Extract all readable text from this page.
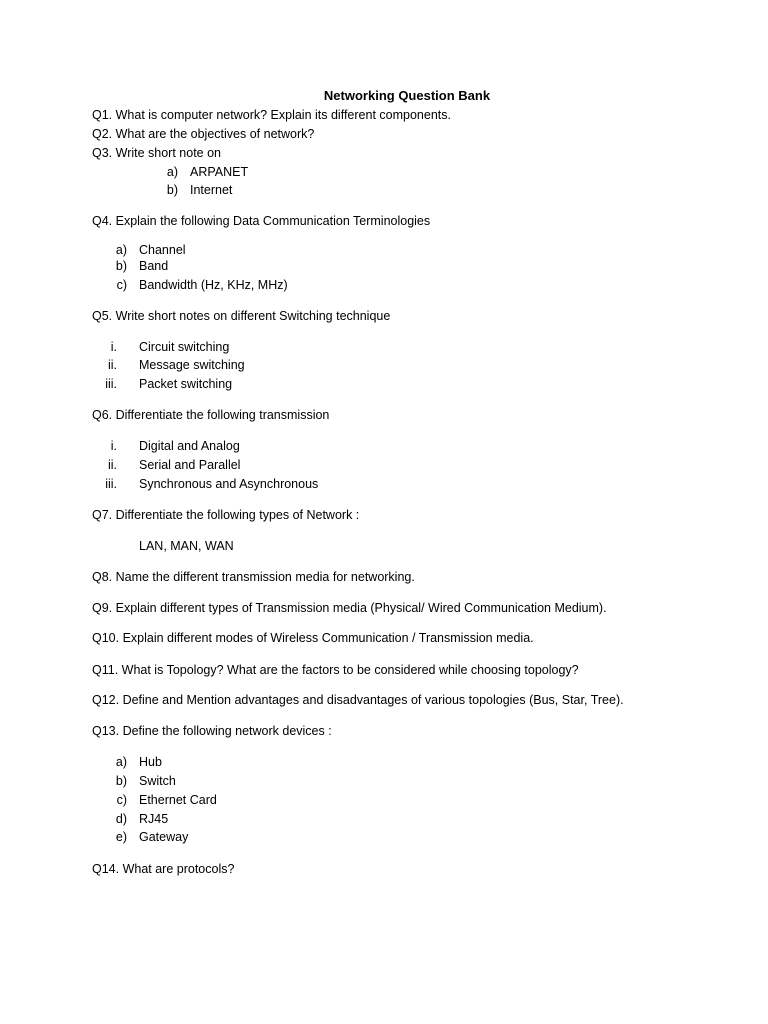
Networking Question Bank
Q1. What is computer network? Explain its different components.
Q2. What are the objectives of network?
Q3. Write short note on
a) ARPANET
b) Internet
Q4. Explain the following Data Communication Terminologies
a) Channel
b) Band
c) Bandwidth (Hz, KHz, MHz)
Q5. Write short notes on different Switching technique
i. Circuit switching
ii. Message switching
iii. Packet switching
Q6. Differentiate the following transmission
i. Digital and Analog
ii. Serial and Parallel
iii. Synchronous and Asynchronous
Q7. Differentiate the following types of Network :
LAN, MAN, WAN
Q8. Name the different transmission media for networking.
Q9. Explain different types of Transmission media (Physical/ Wired Communication Medium).
Q10. Explain different modes of Wireless Communication / Transmission media.
Q11. What is Topology? What are the factors to be considered while choosing topology?
Q12. Define and Mention advantages and disadvantages of various topologies (Bus, Star, Tree).
Q13. Define the following network devices :
a) Hub
b) Switch
c) Ethernet Card
d) RJ45
e) Gateway
Q14. What are protocols?
